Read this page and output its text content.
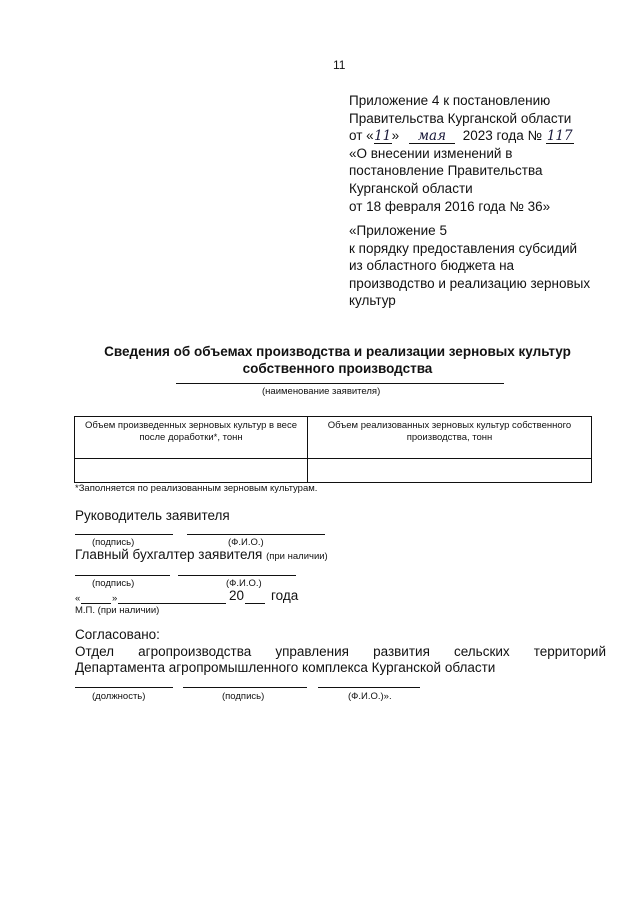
11
Приложение 4 к постановлению
Правительства Курганской области
от «11» мая 2023 года № 117
«О внесении изменений в
постановление Правительства
Курганской области
от 18 февраля 2016 года № 36»
«Приложение 5
к порядку предоставления субсидий
из областного бюджета на
производство и реализацию зерновых
культур
Сведения об объемах производства и реализации зерновых культур
собственного производства
(наименование заявителя)
Объем произведенных зерновых культур в весе после доработки*, тонн	Объем реализованных зерновых культур собственного производства, тонн

*Заполняется по реализованным зерновым культурам.
Руководитель заявителя
(подпись)	(Ф.И.О.)
Главный бухгалтер заявителя (при наличии)
(подпись)	(Ф.И.О.)
«	»	20 года
М.П. (при наличии)
Согласовано:
Отдел агропроизводства управления развития сельских территорий
Департамента агропромышленного комплекса Курганской области
(должность)	(подпись)	(Ф.И.О.)».
